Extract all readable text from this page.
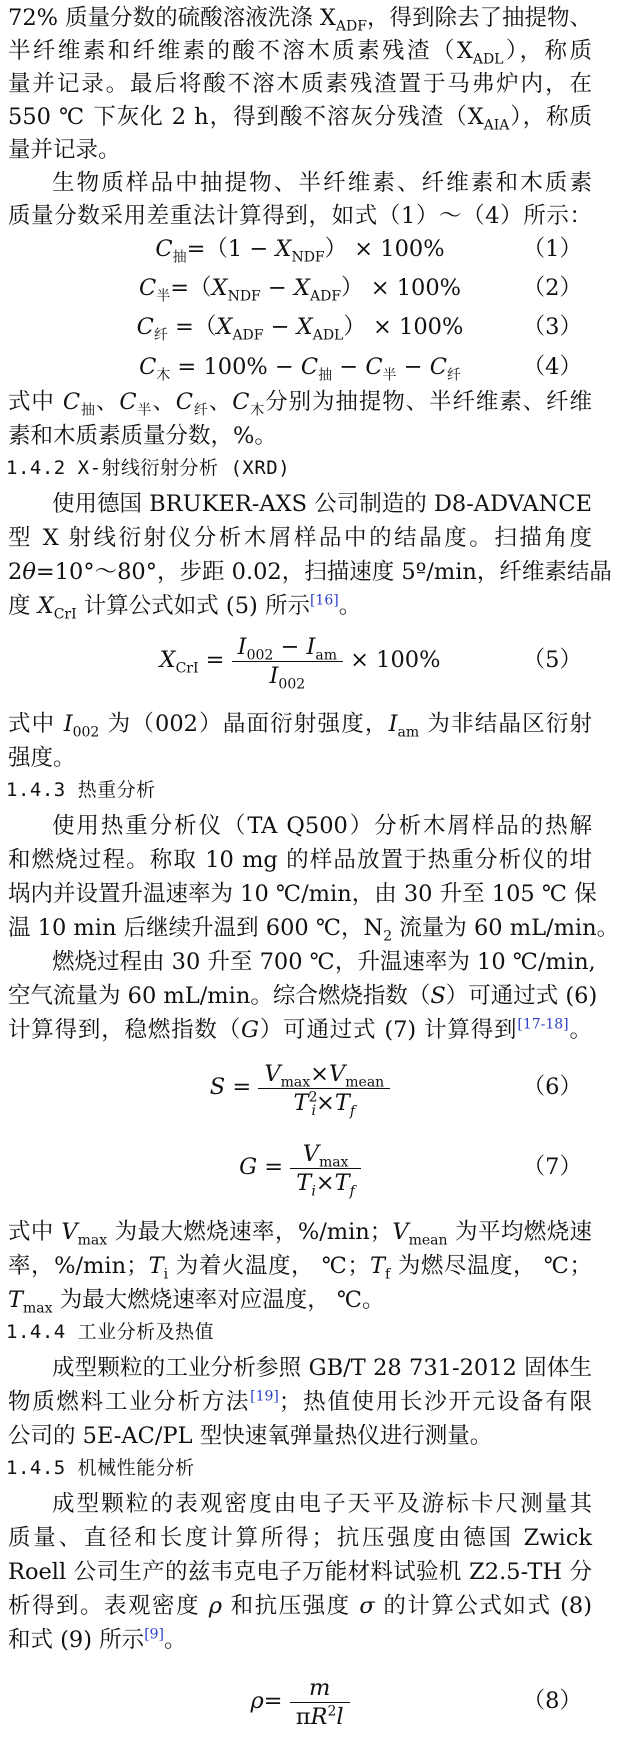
72% 质量分数的硫酸溶液洗涤 $X_{ADF}$，得到除去了抽提物、
半纤维素和纤维素的酸不溶木质素残渣$(X_{ADL})$，称质
量并记录。最后将酸不溶木质素残渣置于马弗炉内，在
550 ℃ 下灰化 2 h，得到酸不溶灰分残渣$(X_{AIA})$，称质
量并记录。
生物质样品中抽提物、半纤维素、纤维素和木质素
质量分数采用差重法计算得到，如式（1）～（4）所示：
$C_抽=(1 - X_{NDF}) \times 100\%$	（1）
$C_半=(X_{NDF} - X_{ADF}) \times 100\%$	（2）
$C_纤 =(X_{ADF} - X_{ADL}) \times 100\%$	（3）
$C_木 = 100\% - C_抽 - C_半 - C_纤$	（4）
式中 $C_抽$、$C_半$、$C_纤$、$C_木$分别为抽提物、半纤维素、纤维
素和木质素质量分数，%。
1.4.2 X-射线衍射分析 (XRD)
使用德国 BRUKER-AXS 公司制造的 D8-ADVANCE
型 X 射线衍射仪分析木屑样品中的结晶度。扫描角度
2θ=10°～80°，步距 0.02，扫描速度 5º/min，纤维素结晶
度 $X_{CrI}$ 计算公式如式 (5) 所示[16]。
$X_{CrI} = \frac{I_{002} - I_{am}}{I_{002}} \times 100\%$	（5）
式中 $I_{002}$ 为（002）晶面衍射强度，$I_{am}$ 为非结晶区衍射
强度。
1.4.3 热重分析
使用热重分析仪（TA Q500）分析木屑样品的热解
和燃烧过程。称取 10 mg 的样品放置于热重分析仪的坩
埚内并设置升温速率为 10 ℃/min，由 30 升至 105 ℃ 保
温 10 min 后继续升温到 600 ℃，$N_2$ 流量为 60 mL/min。
燃烧过程由 30 升至 700 ℃，升温速率为 10 ℃/min,
空气流量为 60 mL/min。综合燃烧指数（S）可通过式 (6)
计算得到，稳燃指数（G）可通过式 (7) 计算得到[17-18]。
$S = \frac{V_{max}\times V_{mean}}{T^2_i\times T_f}$	（6）
$G = \frac{V_{max}}{T_i\times T_f}$	（7）
式中 $V_{max}$ 为最大燃烧速率，%/min；$V_{mean}$ 为平均燃烧速
率，%/min；$T_i$ 为着火温度， ℃；$T_f$ 为燃尽温度， ℃；
$T_{max}$ 为最大燃烧速率对应温度， ℃。
1.4.4 工业分析及热值
成型颗粒的工业分析参照 GB/T 28 731-2012 固体生
物质燃料工业分析方法[19]；热值使用长沙开元设备有限
公司的 5E-AC/PL 型快速氧弹量热仪进行测量。
1.4.5 机械性能分析
成型颗粒的表观密度由电子天平及游标卡尺测量其
质量、直径和长度计算所得；抗压强度由德国 Zwick
Roell 公司生产的兹韦克电子万能材料试验机 Z2.5-TH 分
析得到。表观密度 ρ 和抗压强度 σ 的计算公式如式 (8)
和式 (9) 所示[9]。
$\rho= \frac{m}{\pi R^2l}$	（8）
